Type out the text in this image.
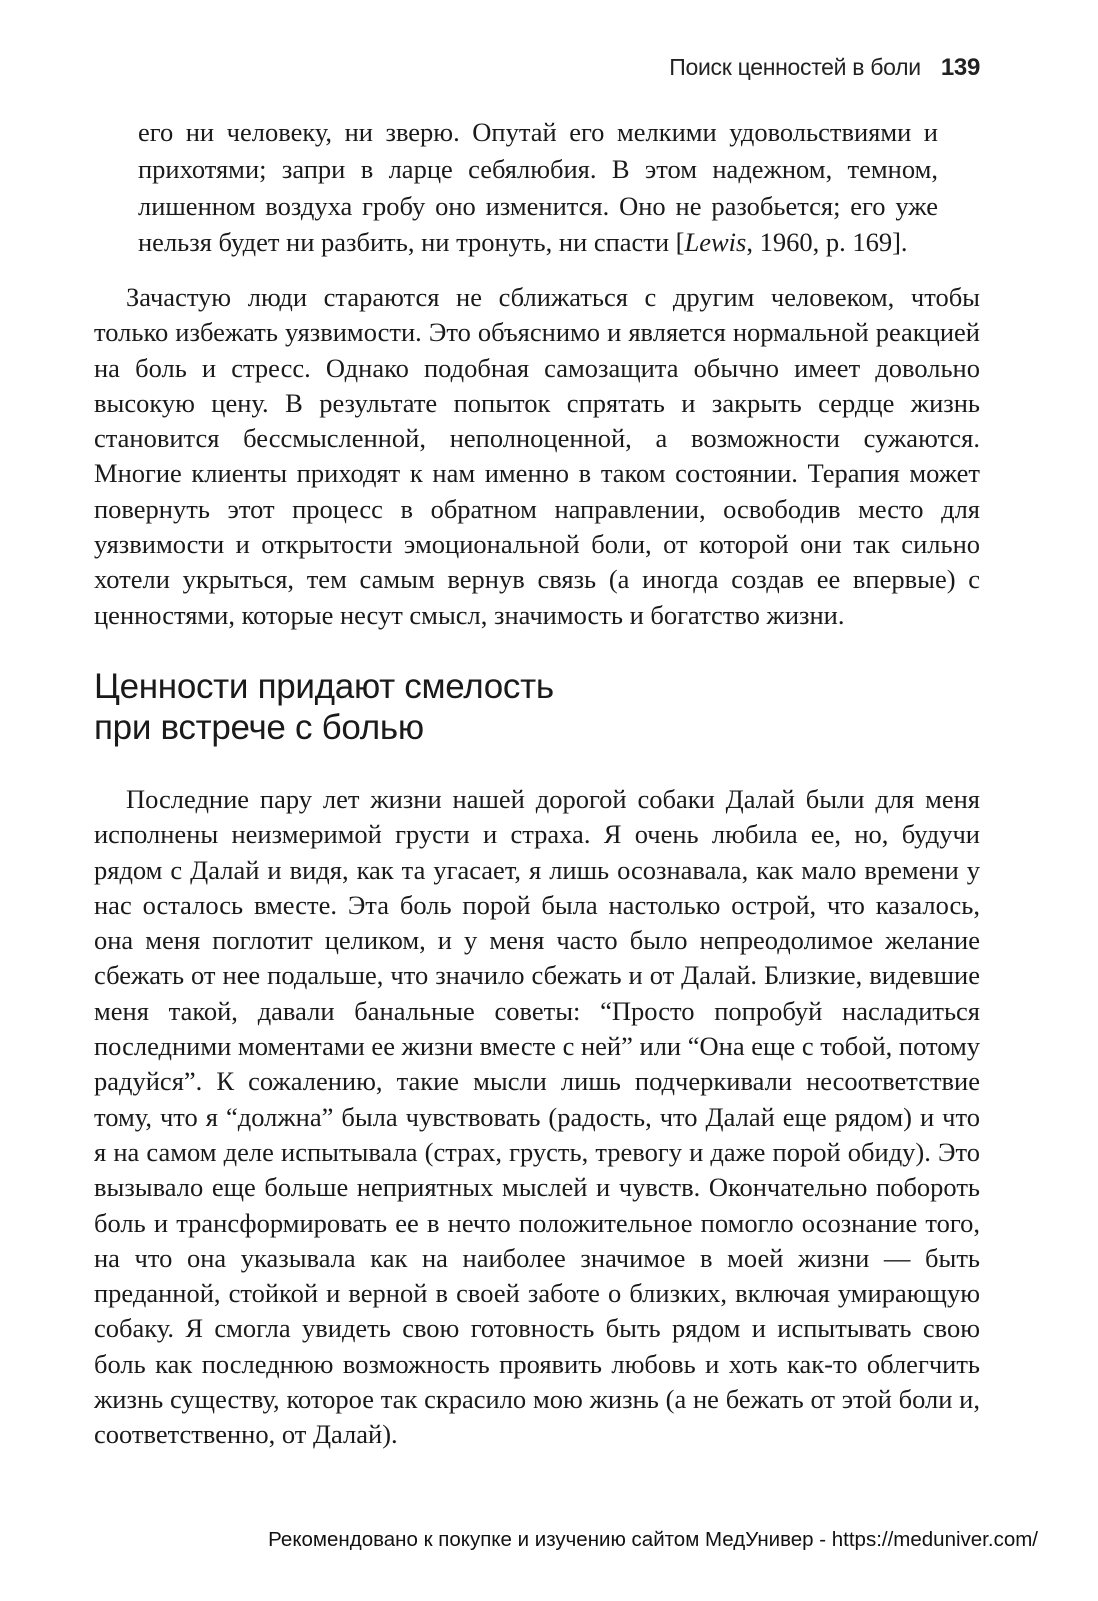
Поиск ценностей в боли 139

его ни человеку, ни зверю. Опутай его мелкими удовольствиями и прихотями; запри в ларце себялюбия. В этом надежном, темном, лишенном воздуха гробу оно изменится. Оно не разобьется; его уже нельзя будет ни разбить, ни тронуть, ни спасти [Lewis, 1960, p. 169].

Зачастую люди стараются не сближаться с другим человеком, чтобы только избежать уязвимости. Это объяснимо и является нормальной реакцией на боль и стресс. Однако подобная самозащита обычно имеет довольно высокую цену. В результате попыток спрятать и закрыть сердце жизнь становится бессмысленной, неполноценной, а возможности сужаются. Многие клиенты приходят к нам именно в таком состоянии. Терапия может повернуть этот процесс в обратном направлении, освободив место для уязвимости и открытости эмоциональной боли, от которой они так сильно хотели укрыться, тем самым вернув связь (а иногда создав ее впервые) с ценностями, которые несут смысл, значимость и богатство жизни.

Ценности придают смелость
при встрече с болью

Последние пару лет жизни нашей дорогой собаки Далай были для меня исполнены неизмеримой грусти и страха. Я очень любила ее, но, будучи рядом с Далай и видя, как та угасает, я лишь осознавала, как мало времени у нас осталось вместе. Эта боль порой была настолько острой, что казалось, она меня поглотит целиком, и у меня часто было непреодолимое желание сбежать от нее подальше, что значило сбежать и от Далай. Близкие, видевшие меня такой, давали банальные советы: “Просто попробуй насладиться последними моментами ее жизни вместе с ней” или “Она еще с тобой, потому радуйся”. К сожалению, такие мысли лишь подчеркивали несоответствие тому, что я “должна” была чувствовать (радость, что Далай еще рядом) и что я на самом деле испытывала (страх, грусть, тревогу и даже порой обиду). Это вызывало еще больше неприятных мыслей и чувств. Окончательно побороть боль и трансформировать ее в нечто положительное помогло осознание того, на что она указывала как на наиболее значимое в моей жизни — быть преданной, стойкой и верной в своей заботе о близких, включая умирающую собаку. Я смогла увидеть свою готовность быть рядом и испытывать свою боль как последнюю возможность проявить любовь и хоть как-то облегчить жизнь существу, которое так скрасило мою жизнь (а не бежать от этой боли и, соответственно, от Далай).

Рекомендовано к покупке и изучению сайтом МедУнивер - https://meduniver.com/
